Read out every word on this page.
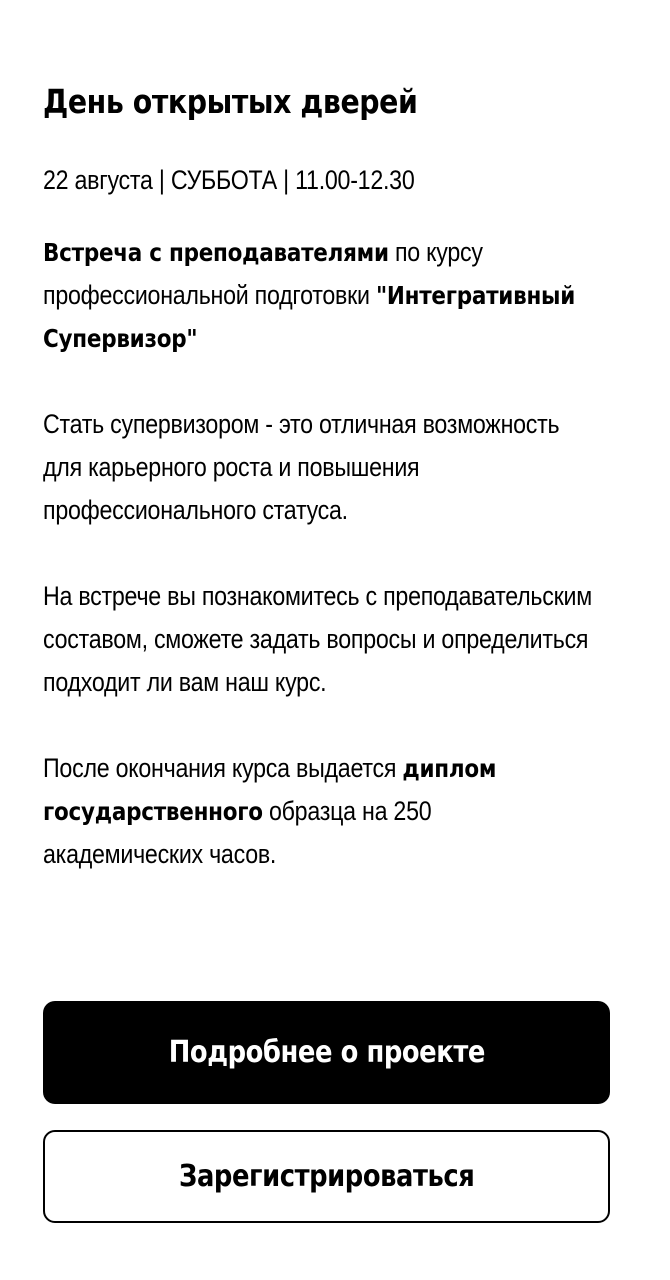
День открытых дверей
22 августа | СУББОТА | 11.00-12.30

Встреча с преподавателями по курсу
профессиональной подготовки "Интегративный
Супервизор"

Стать супервизором - это отличная возможность
для карьерного роста и повышения
профессионального статуса.

На встрече вы познакомитесь с преподавательским
составом, сможете задать вопросы и определиться
подходит ли вам наш курс.

После окончания курса выдается диплом
государственного образца на 250
академических часов.

Подробнее о проекте
Зарегистрироваться
